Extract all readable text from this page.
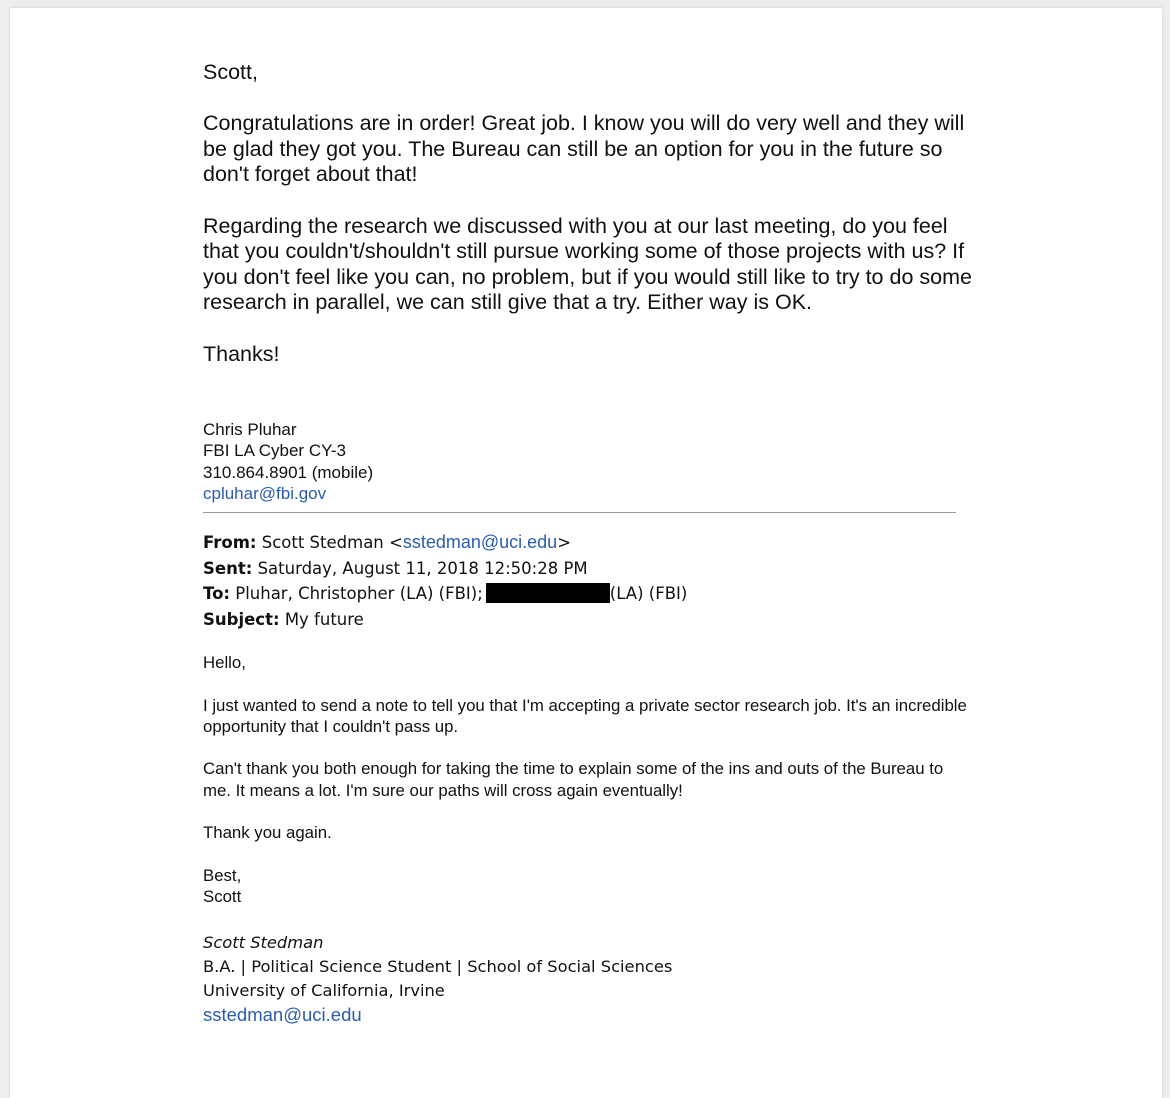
Scott,

Congratulations are in order! Great job. I know you will do very well and they will be glad they got you. The Bureau can still be an option for you in the future so don't forget about that!

Regarding the research we discussed with you at our last meeting, do you feel that you couldn't/shouldn't still pursue working some of those projects with us? If you don't feel like you can, no problem, but if you would still like to try to do some research in parallel, we can still give that a try. Either way is OK.

Thanks!

Chris Pluhar
FBI LA Cyber CY-3
310.864.8901 (mobile)
cpluhar@fbi.gov
From: Scott Stedman <sstedman@uci.edu>
Sent: Saturday, August 11, 2018 12:50:28 PM
To: Pluhar, Christopher (LA) (FBI);	(LA) (FBI)
Subject: My future

Hello,

I just wanted to send a note to tell you that I'm accepting a private sector research job. It's an incredible opportunity that I couldn't pass up.

Can't thank you both enough for taking the time to explain some of the ins and outs of the Bureau to me. It means a lot. I'm sure our paths will cross again eventually!

Thank you again.

Best,

Scott

Scott Stedman
B.A. | Political Science Student | School of Social Sciences
University of California, Irvine
sstedman@uci.edu
